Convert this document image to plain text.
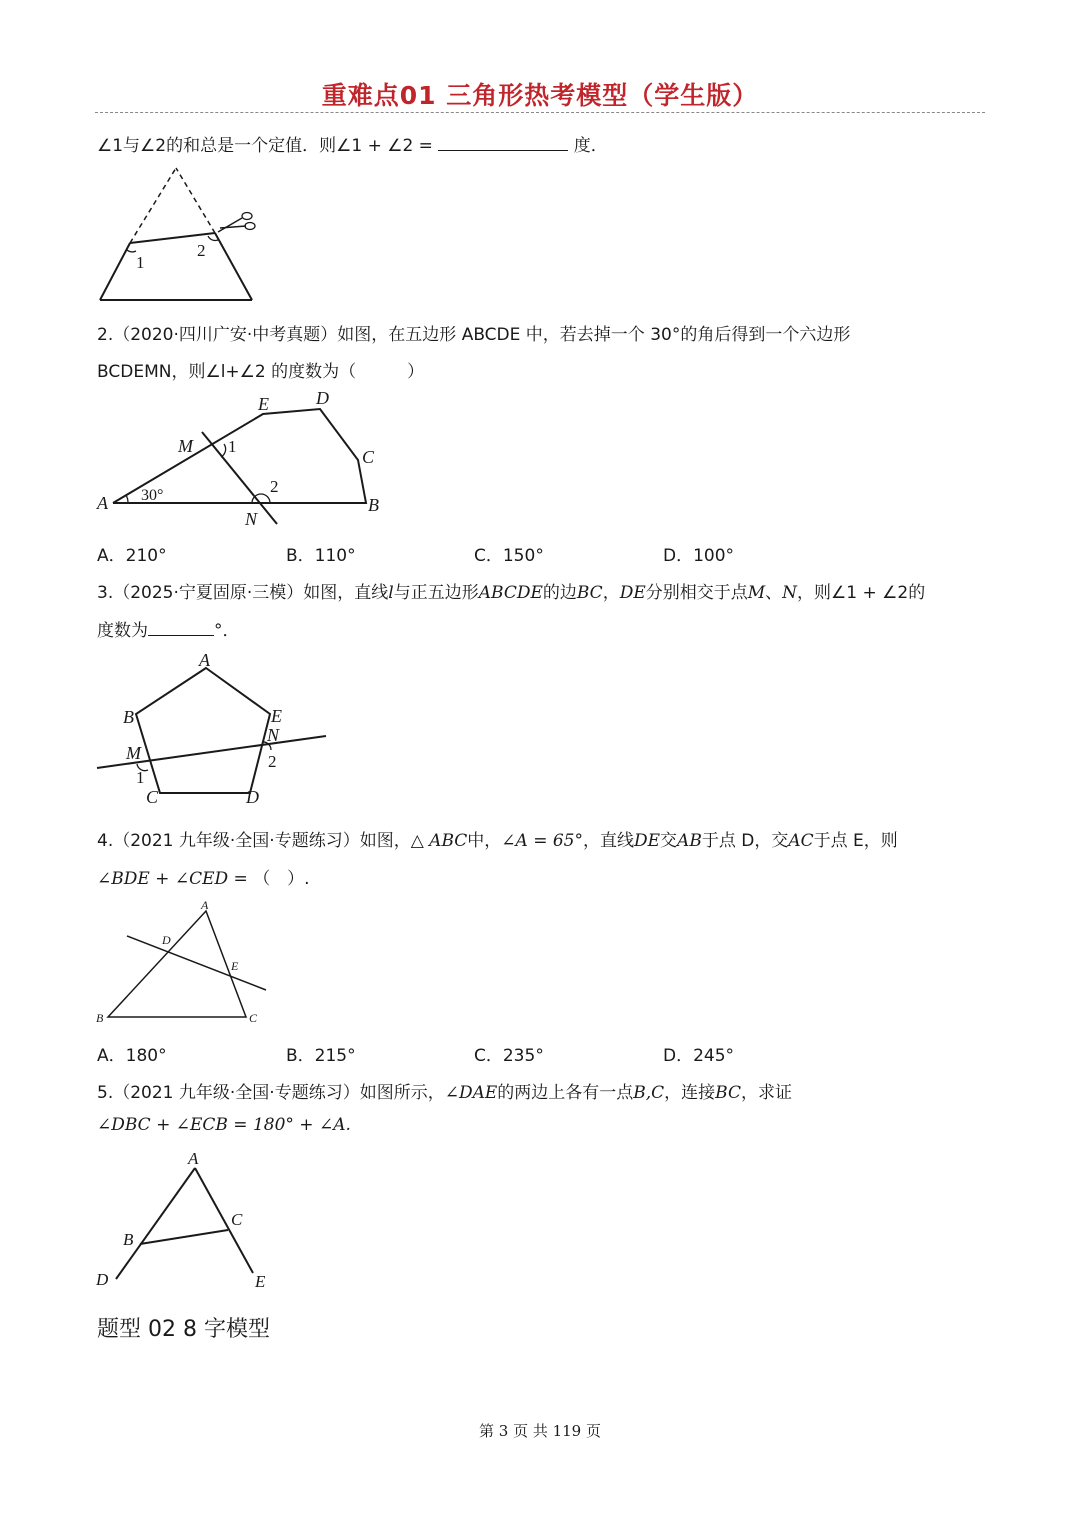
重难点01 三角形热考模型（学生版）
∠1与∠2的和总是一个定值．则∠1 + ∠2 =	度．
1
2
2.（2020·四川广安·中考真题）如图，在五边形 ABCDE 中，若去掉一个 30°的角后得到一个六边形
BCDEMN，则∠l+∠2 的度数为（　　　）
A	B
C
D
E
M
N
1
2
30°
A．210°	B．110°	C．150°	D．100°
3.（2025·宁夏固原·三模）如图，直线l与正五边形ABCDE的边BC，DE分别相交于点M、N，则∠1 + ∠2的
度数为	°．
A
B
C	D
E
M
N
1
2
4.（2021 九年级·全国·专题练习）如图，△ ABC中，∠A = 65°，直线DE交AB于点 D，交AC于点 E，则
∠BDE + ∠CED = （　）.
A
B	C
D
E
A．180°	B．215°	C．235°	D．245°
5.（2021 九年级·全国·专题练习）如图所示，∠DAE的两边上各有一点B,C，连接BC，求证
∠DBC + ∠ECB = 180° + ∠A.
A
B
C
D	E
题型 02 8 字模型
第 3 页 共 119 页
